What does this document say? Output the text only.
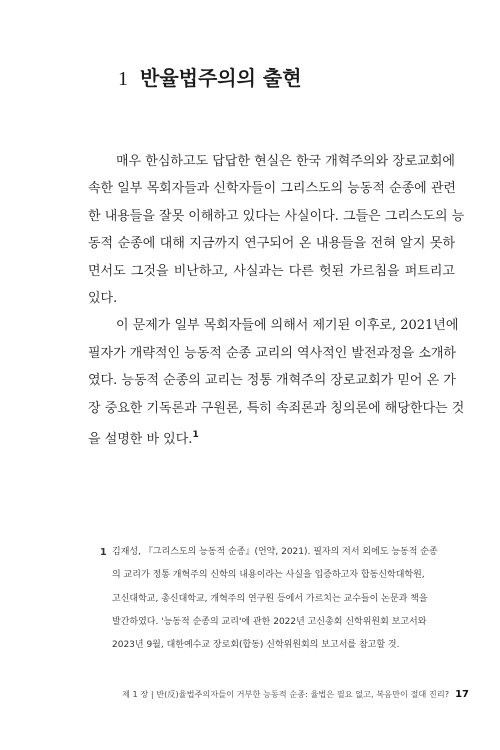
1 반율법주의의 출현
매우 한심하고도 답답한 현실은 한국 개혁주의와 장로교회에
속한 일부 목회자들과 신학자들이 그리스도의 능동적 순종에 관련
한 내용들을 잘못 이해하고 있다는 사실이다. 그들은 그리스도의 능
동적 순종에 대해 지금까지 연구되어 온 내용들을 전혀 알지 못하
면서도 그것을 비난하고, 사실과는 다른 헛된 가르침을 퍼트리고
있다.
이 문제가 일부 목회자들에 의해서 제기된 이후로, 2021년에
필자가 개략적인 능동적 순종 교리의 역사적인 발전과정을 소개하
였다. 능동적 순종의 교리는 정통 개혁주의 장로교회가 믿어 온 가
장 중요한 기독론과 구원론, 특히 속죄론과 칭의론에 해당한다는 것
을 설명한 바 있다.$^1$
1 김재성, 『그리스도의 능동적 순종』(언약, 2021). 필자의 저서 외에도 능동적 순종
의 교리가 정통 개혁주의 신학의 내용이라는 사실을 입증하고자 합동신학대학원,
고신대학교, 총신대학교, 개혁주의 연구원 등에서 가르치는 교수들이 논문과 책을
발간하였다. '능동적 순종의 교리'에 관한 2022년 고신총회 신학위원회 보고서와
2023년 9월, 대한예수교 장로회(합동) 신학위원회의 보고서를 참고할 것.
제 1 장 | 반(反)율법주의자들이 거부한 능동적 순종: 율법은 필요 없고, 복음만이 절대 진리? 17
